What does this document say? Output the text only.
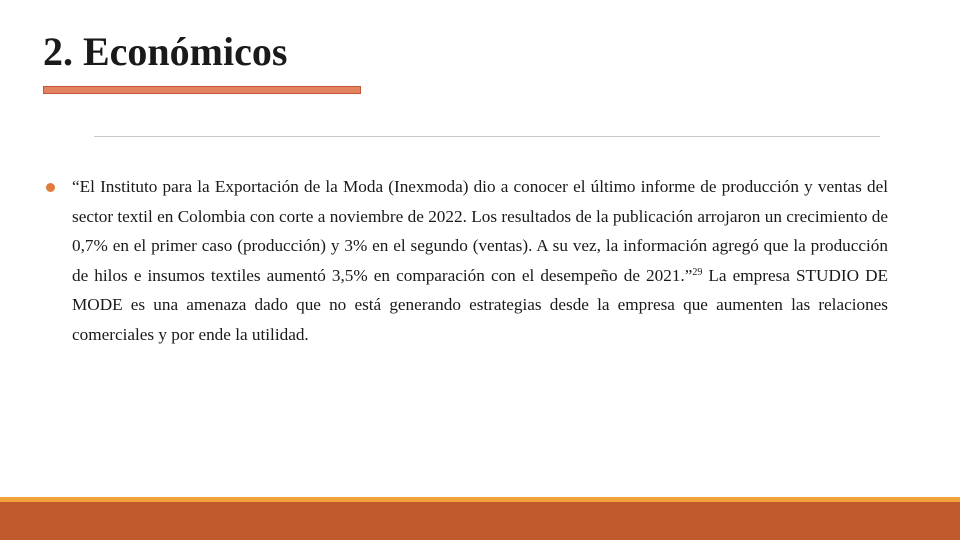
2. Económicos

“El Instituto para la Exportación de la Moda (Inexmoda) dio a conocer el último informe de producción y ventas del sector textil en Colombia con corte a noviembre de 2022. Los resultados de la publicación arrojaron un crecimiento de 0,7% en el primer caso (producción) y 3% en el segundo (ventas). A su vez, la información agregó que la producción de hilos e insumos textiles aumentó 3,5% en comparación con el desempeño de 2021.”$^{29}$ La empresa STUDIO DE MODE es una amenaza dado que no está generando estrategias desde la empresa que aumenten las relaciones comerciales y por ende la utilidad.
